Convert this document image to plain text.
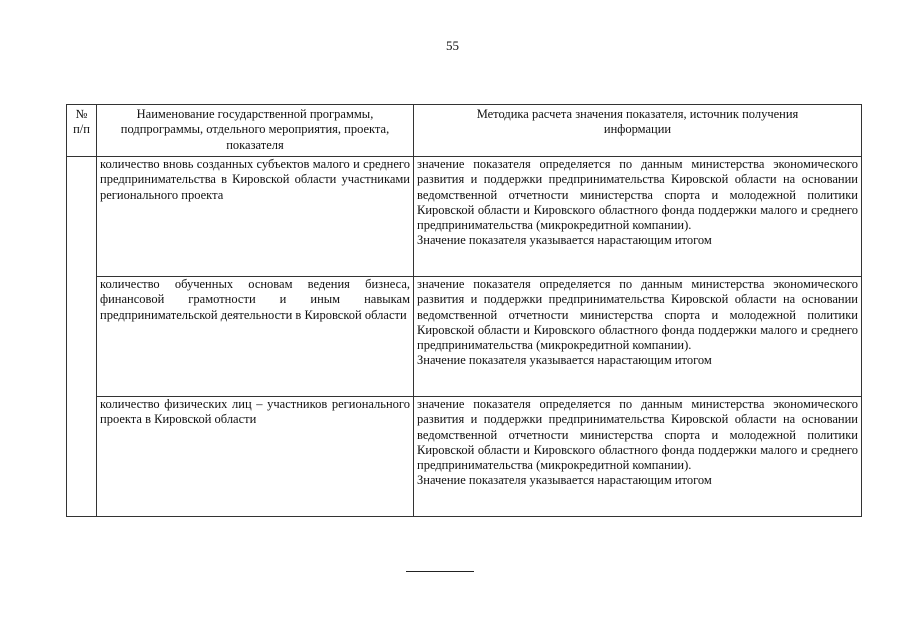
55
№ п/п	Наименование государственной программы, подпрограммы, отдельного мероприятия, проекта, показателя	Методика расчета значения показателя, источник получения информации

	количество вновь созданных субъектов малого и среднего предпринимательства в Кировской области участниками регионального проекта	значение показателя определяется по данным министерства экономического развития и поддержки предпринимательства Кировской области на основании ведомственной отчетности министерства спорта и молодежной политики Кировской области и Кировского областного фонда поддержки малого и среднего предпринимательства (микрокредитной компании).
Значение показателя указывается нарастающим итогом

	количество обученных основам ведения бизнеса, финансовой грамотности и иным навыкам предпринимательской деятельности в Кировской области	значение показателя определяется по данным министерства экономического развития и поддержки предпринимательства Кировской области на основании ведомственной отчетности министерства спорта и молодежной политики Кировской области и Кировского областного фонда поддержки малого и среднего предпринимательства (микрокредитной компании).
Значение показателя указывается нарастающим итогом

	количество физических лиц – участников регионального проекта в Кировской области	значение показателя определяется по данным министерства экономического развития и поддержки предпринимательства Кировской области на основании ведомственной отчетности министерства спорта и молодежной политики Кировской области и Кировского областного фонда поддержки малого и среднего предпринимательства (микрокредитной компании).
Значение показателя указывается нарастающим итогом
